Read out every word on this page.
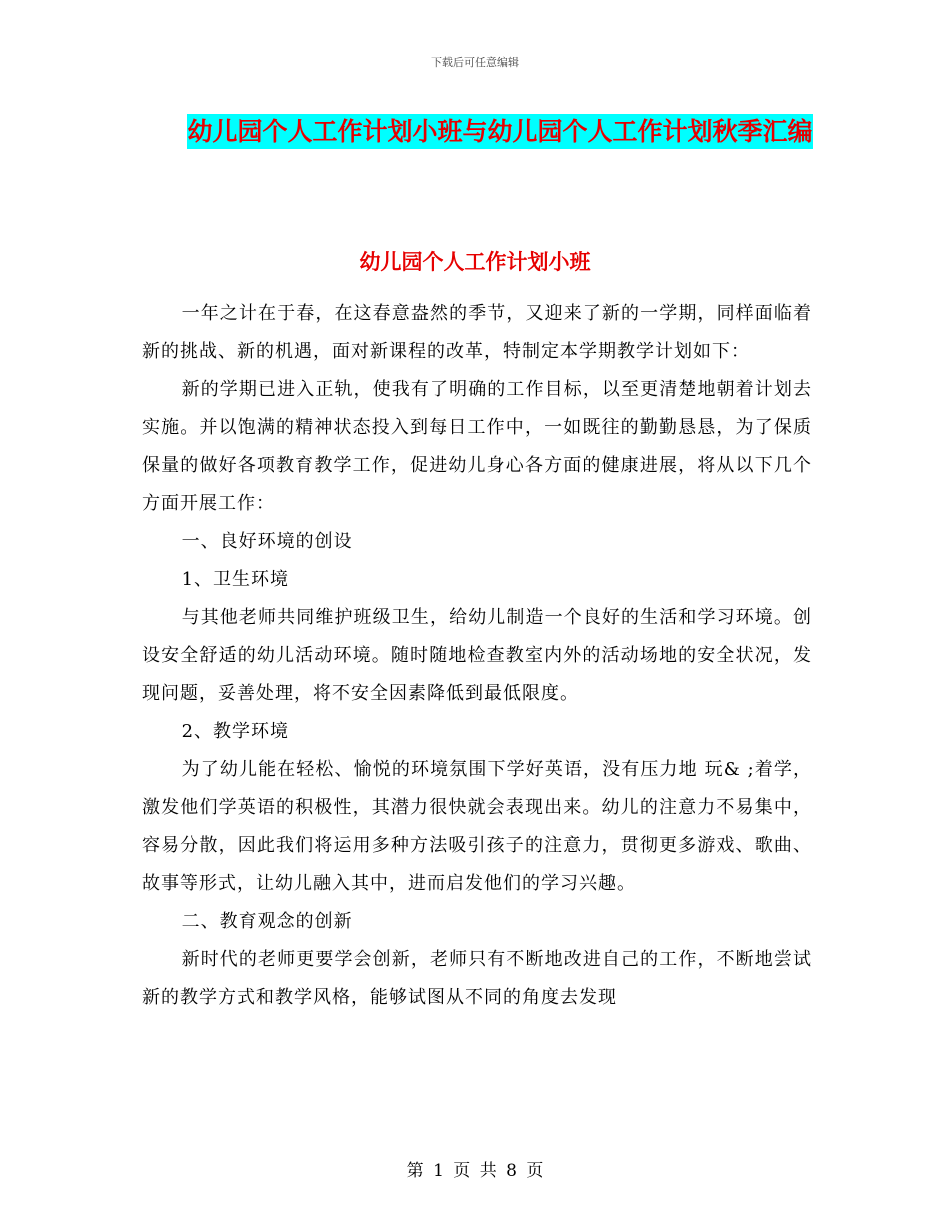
下载后可任意编辑
幼儿园个人工作计划小班与幼儿园个人工作计划秋季汇编
幼儿园个人工作计划小班

一年之计在于春，在这春意盎然的季节，又迎来了新的一学期，同样面临着新的挑战、新的机遇，面对新课程的改革，特制定本学期教学计划如下：

新的学期已进入正轨，使我有了明确的工作目标，以至更清楚地朝着计划去实施。并以饱满的精神状态投入到每日工作中，一如既往的勤勤恳恳，为了保质保量的做好各项教育教学工作，促进幼儿身心各方面的健康进展，将从以下几个方面开展工作：

一、良好环境的创设

1、卫生环境

与其他老师共同维护班级卫生，给幼儿制造一个良好的生活和学习环境。创设安全舒适的幼儿活动环境。随时随地检查教室内外的活动场地的安全状况，发现问题，妥善处理，将不安全因素降低到最低限度。

2、教学环境

为了幼儿能在轻松、愉悦的环境氛围下学好英语，没有压力地 玩& ;着学，激发他们学英语的积极性，其潜力很快就会表现出来。幼儿的注意力不易集中，容易分散，因此我们将运用多种方法吸引孩子的注意力，贯彻更多游戏、歌曲、故事等形式，让幼儿融入其中，进而启发他们的学习兴趣。

二、教育观念的创新

新时代的老师更要学会创新，老师只有不断地改进自己的工作，不断地尝试新的教学方式和教学风格，能够试图从不同的角度去发现

第 1 页 共 8 页
